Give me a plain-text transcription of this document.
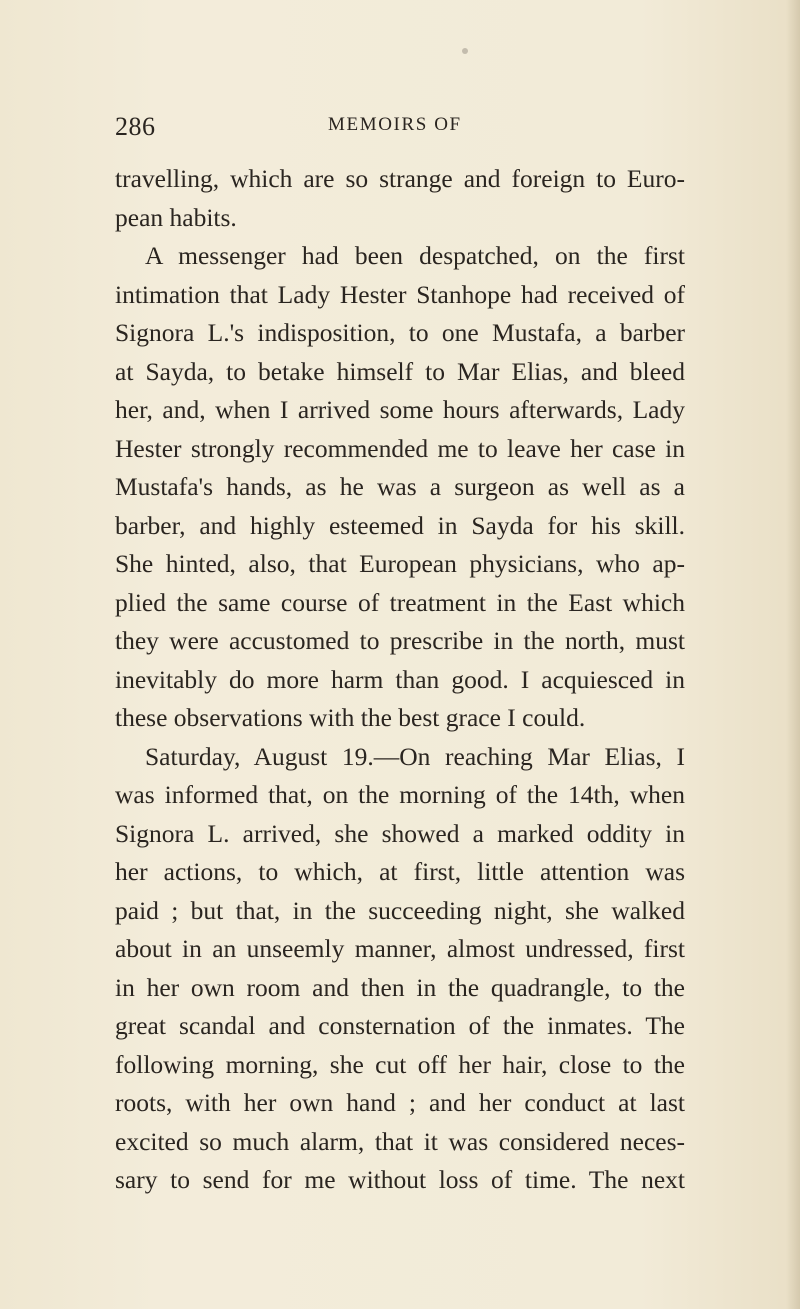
286	MEMOIRS OF
travelling, which are so strange and foreign to Euro-
pean habits.
A messenger had been despatched, on the first
intimation that Lady Hester Stanhope had received of
Signora L.'s indisposition, to one Mustafa, a barber
at Sayda, to betake himself to Mar Elias, and bleed
her, and, when I arrived some hours afterwards, Lady
Hester strongly recommended me to leave her case in
Mustafa's hands, as he was a surgeon as well as a
barber, and highly esteemed in Sayda for his skill.
She hinted, also, that European physicians, who ap-
plied the same course of treatment in the East which
they were accustomed to prescribe in the north, must
inevitably do more harm than good. I acquiesced in
these observations with the best grace I could.
Saturday, August 19.—On reaching Mar Elias, I
was informed that, on the morning of the 14th, when
Signora L. arrived, she showed a marked oddity in
her actions, to which, at first, little attention was
paid ; but that, in the succeeding night, she walked
about in an unseemly manner, almost undressed, first
in her own room and then in the quadrangle, to the
great scandal and consternation of the inmates. The
following morning, she cut off her hair, close to the
roots, with her own hand ; and her conduct at last
excited so much alarm, that it was considered neces-
sary to send for me without loss of time. The next
